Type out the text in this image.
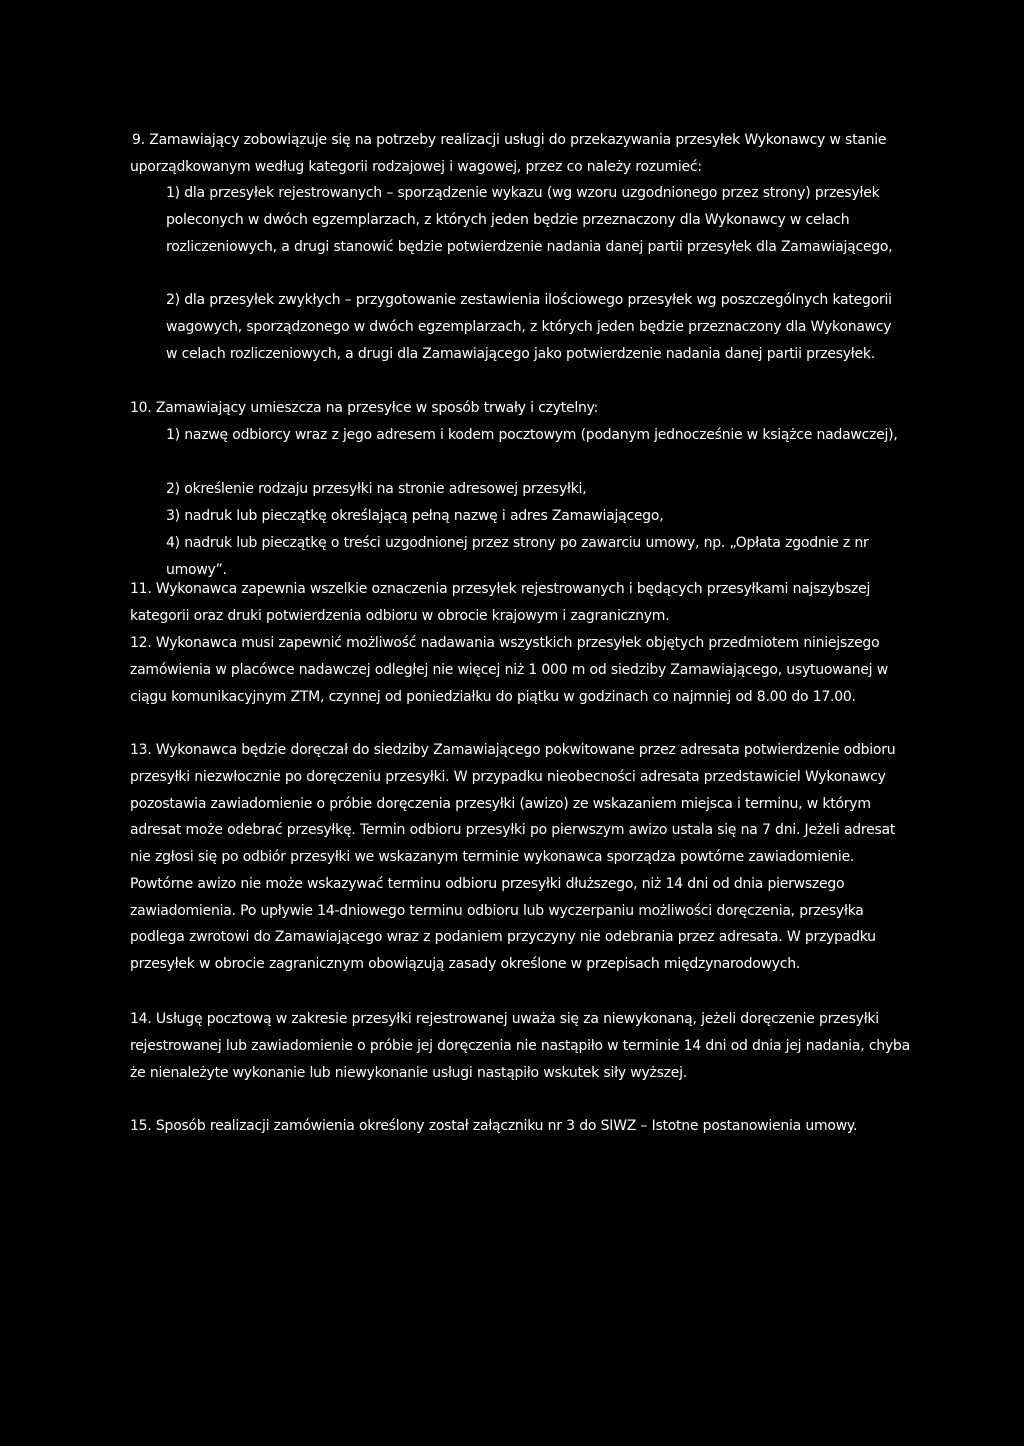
9. Zamawiający zobowiązuje się na potrzeby realizacji usługi do przekazywania przesyłek Wykonawcy w stanie uporządkowanym według kategorii rodzajowej i wagowej, przez co należy rozumieć:

1) dla przesyłek rejestrowanych – sporządzenie wykazu (wg wzoru uzgodnionego przez strony) przesyłek poleconych w dwóch egzemplarzach, z których jeden będzie przeznaczony dla Wykonawcy w celach rozliczeniowych, a drugi stanowić będzie potwierdzenie nadania danej partii przesyłek dla Zamawiającego,

2) dla przesyłek zwykłych – przygotowanie zestawienia ilościowego przesyłek wg poszczególnych kategorii wagowych, sporządzonego w dwóch egzemplarzach, z których jeden będzie przeznaczony dla Wykonawcy w celach rozliczeniowych, a drugi dla Zamawiającego jako potwierdzenie nadania danej partii przesyłek.

10. Zamawiający umieszcza na przesyłce w sposób trwały i czytelny:

1) nazwę odbiorcy wraz z jego adresem i kodem pocztowym (podanym jednocześnie w książce nadawczej),

2) określenie rodzaju przesyłki na stronie adresowej przesyłki,

3) nadruk lub pieczątkę określającą pełną nazwę i adres Zamawiającego,

4) nadruk lub pieczątkę o treści uzgodnionej przez strony po zawarciu umowy, np. „Opłata zgodnie z nr umowy”.

11. Wykonawca zapewnia wszelkie oznaczenia przesyłek rejestrowanych i będących przesyłkami najszybszej kategorii oraz druki potwierdzenia odbioru w obrocie krajowym i zagranicznym.

12. Wykonawca musi zapewnić możliwość nadawania wszystkich przesyłek objętych przedmiotem niniejszego zamówienia w placówce nadawczej odległej nie więcej niż 1 000 m od siedziby Zamawiającego, usytuowanej w ciągu komunikacyjnym ZTM, czynnej od poniedziałku do piątku w godzinach co najmniej od 8.00 do 17.00.

13. Wykonawca będzie doręczał do siedziby Zamawiającego pokwitowane przez adresata potwierdzenie odbioru przesyłki niezwłocznie po doręczeniu przesyłki. W przypadku nieobecności adresata przedstawiciel Wykonawcy pozostawia zawiadomienie o próbie doręczenia przesyłki (awizo) ze wskazaniem miejsca i terminu, w którym adresat może odebrać przesyłkę. Termin odbioru przesyłki po pierwszym awizo ustala się na 7 dni. Jeżeli adresat nie zgłosi się po odbiór przesyłki we wskazanym terminie wykonawca sporządza powtórne zawiadomienie. Powtórne awizo nie może wskazywać terminu odbioru przesyłki dłuższego, niż 14 dni od dnia pierwszego zawiadomienia. Po upływie 14-dniowego terminu odbioru lub wyczerpaniu możliwości doręczenia, przesyłka podlega zwrotowi do Zamawiającego wraz z podaniem przyczyny nie odebrania przez adresata. W przypadku przesyłek w obrocie zagranicznym obowiązują zasady określone w przepisach międzynarodowych.

14. Usługę pocztową w zakresie przesyłki rejestrowanej uważa się za niewykonaną, jeżeli doręczenie przesyłki rejestrowanej lub zawiadomienie o próbie jej doręczenia nie nastąpiło w terminie 14 dni od dnia jej nadania, chyba że nienależyte wykonanie lub niewykonanie usługi nastąpiło wskutek siły wyższej.

15. Sposób realizacji zamówienia określony został załączniku nr 3 do SIWZ – Istotne postanowienia umowy.
